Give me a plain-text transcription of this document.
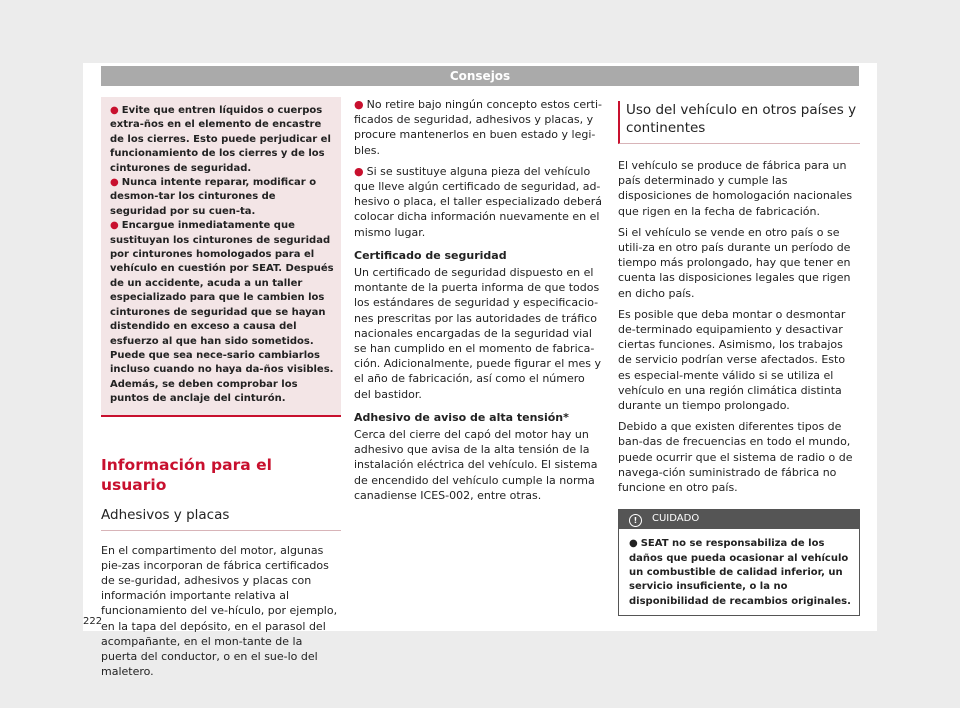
Consejos

● Evite que entren líquidos o cuerpos extra-ños en el elemento de encastre de los cierres. Esto puede perjudicar el funcionamiento de los cierres y de los cinturones de seguridad.

● Nunca intente reparar, modificar o desmon-tar los cinturones de seguridad por su cuen-ta.

● Encargue inmediatamente que sustituyan los cinturones de seguridad por cinturones homologados para el vehículo en cuestión por SEAT. Después de un accidente, acuda a un taller especializado para que le cambien los cinturones de seguridad que se hayan distendido en exceso a causa del esfuerzo al que han sido sometidos. Puede que sea nece-sario cambiarlos incluso cuando no haya da-ños visibles. Además, se deben comprobar los puntos de anclaje del cinturón.

Información para el usuario
Adhesivos y placas

En el compartimento del motor, algunas pie-zas incorporan de fábrica certificados de se-guridad, adhesivos y placas con información importante relativa al funcionamiento del ve-hículo, por ejemplo, en la tapa del depósito, en el parasol del acompañante, en el mon-tante de la puerta del conductor, o en el sue-lo del maletero.

● No retire bajo ningún concepto estos certi-ficados de seguridad, adhesivos y placas, y procure mantenerlos en buen estado y legi-bles.

● Si se sustituye alguna pieza del vehículo que lleve algún certificado de seguridad, ad-hesivo o placa, el taller especializado deberá colocar dicha información nuevamente en el mismo lugar.

Certificado de seguridad

Un certificado de seguridad dispuesto en el montante de la puerta informa de que todos los estándares de seguridad y especificacio-nes prescritas por las autoridades de tráfico nacionales encargadas de la seguridad vial se han cumplido en el momento de fabrica-ción. Adicionalmente, puede figurar el mes y el año de fabricación, así como el número del bastidor.

Adhesivo de aviso de alta tensión*

Cerca del cierre del capó del motor hay un adhesivo que avisa de la alta tensión de la instalación eléctrica del vehículo. El sistema de encendido del vehículo cumple la norma canadiense ICES-002, entre otras.

Uso del vehículo en otros países y continentes

El vehículo se produce de fábrica para un país determinado y cumple las disposiciones de homologación nacionales que rigen en la fecha de fabricación.

Si el vehículo se vende en otro país o se utili-za en otro país durante un período de tiempo más prolongado, hay que tener en cuenta las disposiciones legales que rigen en dicho país.

Es posible que deba montar o desmontar de-terminado equipamiento y desactivar ciertas funciones. Asimismo, los trabajos de servicio podrían verse afectados. Esto es especial-mente válido si se utiliza el vehículo en una región climática distinta durante un tiempo prolongado.

Debido a que existen diferentes tipos de ban-das de frecuencias en todo el mundo, puede ocurrir que el sistema de radio o de navega-ción suministrado de fábrica no funcione en otro país.

! CUIDADO
● SEAT no se responsabiliza de los daños que pueda ocasionar al vehículo un combustible de calidad inferior, un servicio insuficiente, o la no disponibilidad de recambios originales.
222
